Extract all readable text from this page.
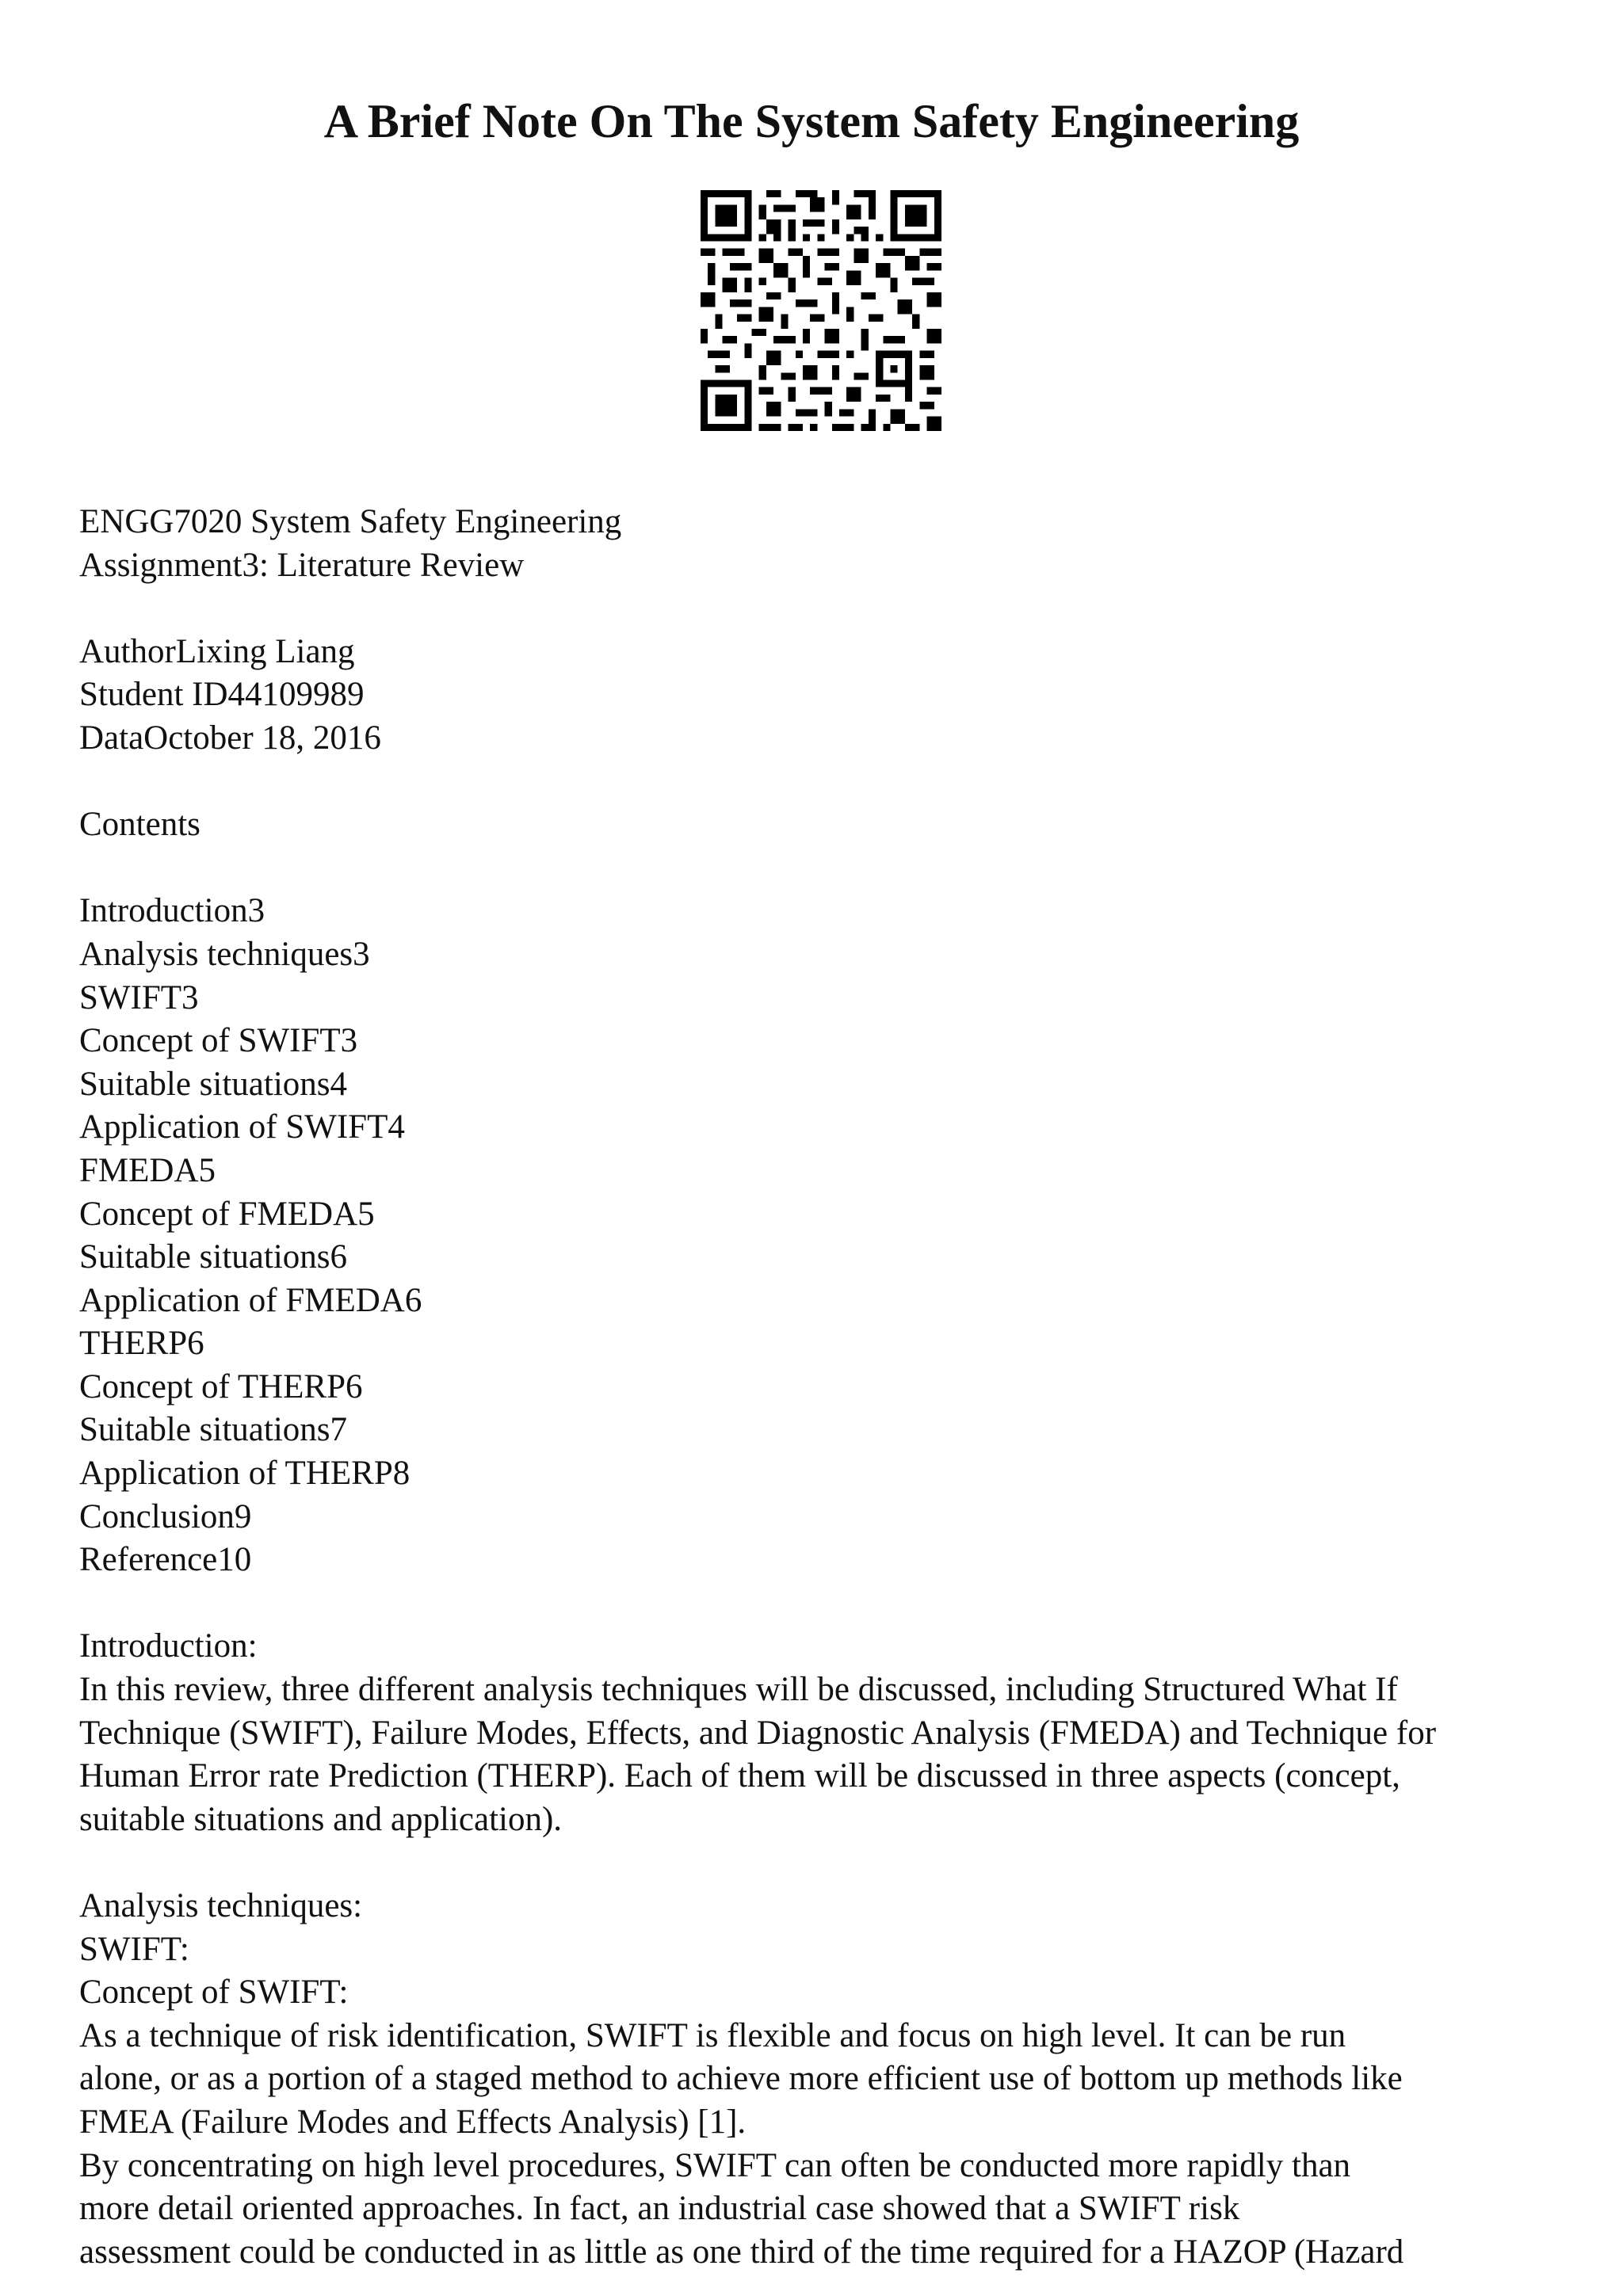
A Brief Note On The System Safety Engineering
ENGG7020 System Safety Engineering
Assignment3: Literature Review
AuthorLixing Liang
Student ID44109989
DataOctober 18, 2016
Contents
Introduction3
Analysis techniques3
SWIFT3
Concept of SWIFT3
Suitable situations4
Application of SWIFT4
FMEDA5
Concept of FMEDA5
Suitable situations6
Application of FMEDA6
THERP6
Concept of THERP6
Suitable situations7
Application of THERP8
Conclusion9
Reference10
Introduction:
In this review, three different analysis techniques will be discussed, including Structured What If
Technique (SWIFT), Failure Modes, Effects, and Diagnostic Analysis (FMEDA) and Technique for
Human Error rate Prediction (THERP). Each of them will be discussed in three aspects (concept,
suitable situations and application).
Analysis techniques:
SWIFT:
Concept of SWIFT:
As a technique of risk identification, SWIFT is flexible and focus on high level. It can be run
alone, or as a portion of a staged method to achieve more efficient use of bottom up methods like
FMEA (Failure Modes and Effects Analysis) [1].
By concentrating on high level procedures, SWIFT can often be conducted more rapidly than
more detail oriented approaches. In fact, an industrial case showed that a SWIFT risk
assessment could be conducted in as little as one third of the time required for a HAZOP (Hazard
